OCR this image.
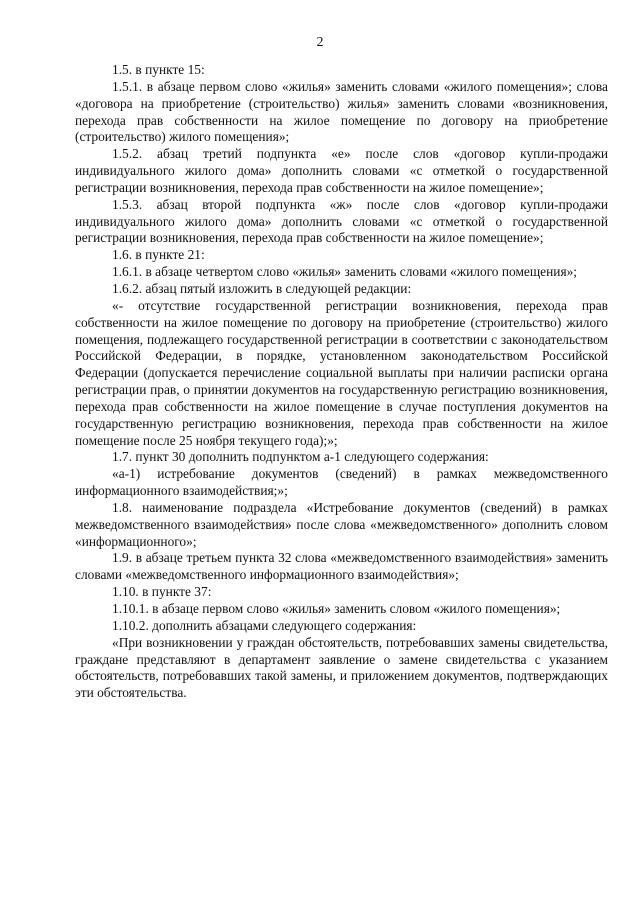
2

1.5. в пункте 15:

1.5.1. в абзаце первом слово «жилья» заменить словами «жилого помещения»; слова «договора на приобретение (строительство) жилья» заменить словами «возникновения, перехода прав собственности на жилое помещение по договору на приобретение (строительство) жилого помещения»;

1.5.2. абзац третий подпункта «е» после слов «договор купли-продажи индивидуального жилого дома» дополнить словами «с отметкой о государственной регистрации возникновения, перехода прав собственности на жилое помещение»;

1.5.3. абзац второй подпункта «ж» после слов «договор купли-продажи индивидуального жилого дома» дополнить словами «с отметкой о государственной регистрации возникновения, перехода прав собственности на жилое помещение»;

1.6. в пункте 21:

1.6.1. в абзаце четвертом слово «жилья» заменить словами «жилого помещения»;

1.6.2. абзац пятый изложить в следующей редакции:

«- отсутствие государственной регистрации возникновения, перехода прав собственности на жилое помещение по договору на приобретение (строительство) жилого помещения, подлежащего государственной регистрации в соответствии с законодательством Российской Федерации, в порядке, установленном законодательством Российской Федерации (допускается перечисление социальной выплаты при наличии расписки органа регистрации прав, о принятии документов на государственную регистрацию возникновения, перехода прав собственности на жилое помещение в случае поступления документов на государственную регистрацию возникновения, перехода прав собственности на жилое помещение после 25 ноября текущего года);»;

1.7. пункт 30 дополнить подпунктом а-1 следующего содержания:

«а-1) истребование документов (сведений) в рамках межведомственного информационного взаимодействия;»;

1.8. наименование подраздела «Истребование документов (сведений) в рамках межведомственного взаимодействия» после слова «межведомственного» дополнить словом «информационного»;

1.9. в абзаце третьем пункта 32 слова «межведомственного взаимодействия» заменить словами «межведомственного информационного взаимодействия»;

1.10. в пункте 37:

1.10.1. в абзаце первом слово «жилья» заменить словом «жилого помещения»;

1.10.2. дополнить абзацами следующего содержания:

«При возникновении у граждан обстоятельств, потребовавших замены свидетельства, граждане представляют в департамент заявление о замене свидетельства с указанием обстоятельств, потребовавших такой замены, и приложением документов, подтверждающих эти обстоятельства.
